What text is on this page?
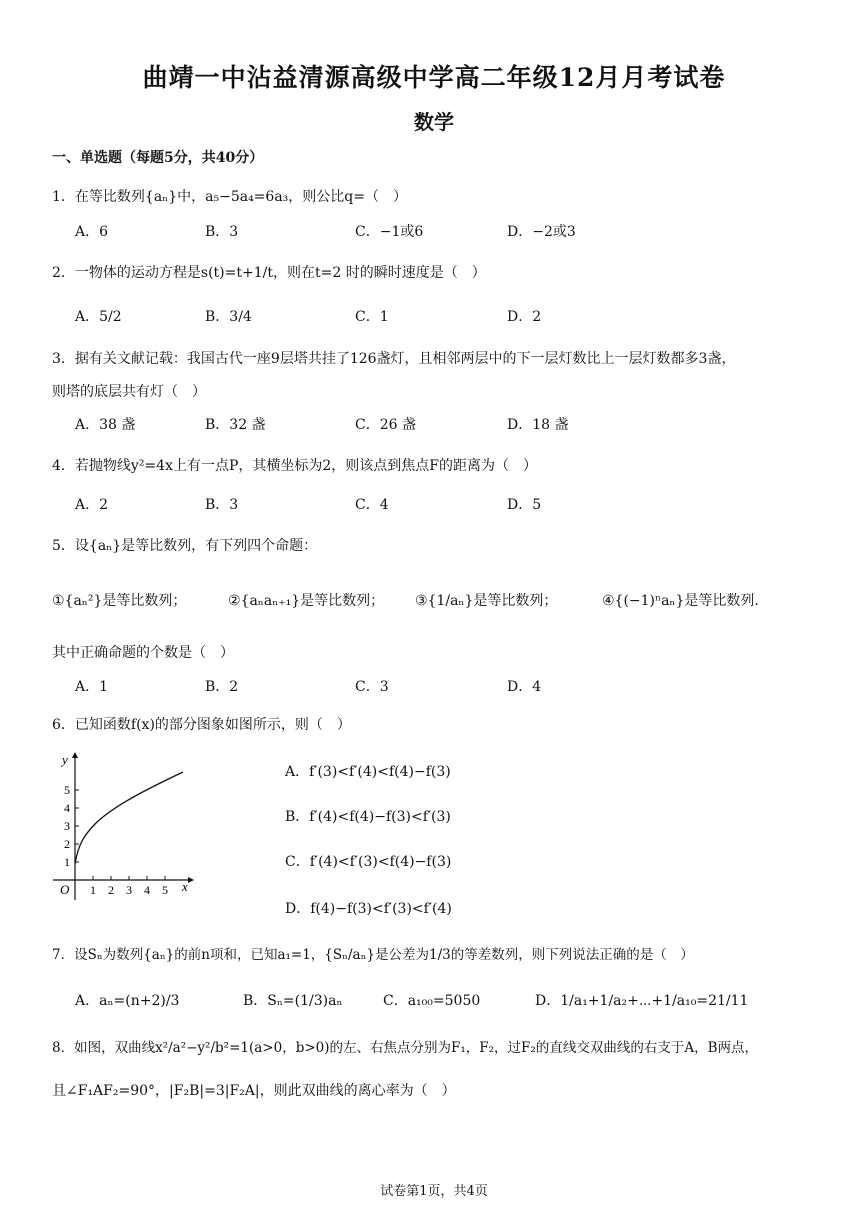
曲靖一中沾益清源高级中学高二年级12月月考试卷
数学
一、单选题（每题5分，共40分）
1．在等比数列{aₙ}中，a₅−5a₄=6a₃，则公比q=（　）
A．6	B．3	C．−1或6	D．−2或3
2．一物体的运动方程是s(t)=t+1/t，则在t=2 时的瞬时速度是（　）
A．5/2	B．3/4	C．1	D．2
3．据有关文献记载：我国古代一座9层塔共挂了126盏灯，且相邻两层中的下一层灯数比上一层灯数都多3盏，
则塔的底层共有灯（　）
A．38 盏	B．32 盏	C．26 盏	D．18 盏
4．若抛物线y²=4x上有一点P，其横坐标为2，则该点到焦点F的距离为（　）
A．2	B．3	C．4	D．5
5．设{aₙ}是等比数列，有下列四个命题：
①{aₙ²}是等比数列；	②{aₙaₙ₊₁}是等比数列； ③{1/aₙ}是等比数列；	④{(−1)ⁿaₙ}是等比数列.
其中正确命题的个数是（　）
A．1	B．2	C．3	D．4
6．已知函数f(x)的部分图象如图所示，则（　）
y
x
O
1
2
3
4
5
1 2 3 4 5
A．f′(3)<f′(4)<f(4)−f(3)
B．f′(4)<f(4)−f(3)<f′(3)
C．f′(4)<f′(3)<f(4)−f(3)
D．f(4)−f(3)<f′(3)<f′(4)
7．设Sₙ为数列{aₙ}的前n项和，已知a₁=1，{Sₙ/aₙ}是公差为1/3的等差数列，则下列说法正确的是（　）
A．aₙ=(n+2)/3	B．Sₙ=(1/3)aₙ	C．a₁₀₀=5050	D．1/a₁+1/a₂+⋯+1/a₁₀=21/11
8．如图，双曲线x²/a²−y²/b²=1(a>0，b>0)的左、右焦点分别为F₁，F₂，过F₂的直线交双曲线的右支于A，B两点，
且∠F₁AF₂=90°，|F₂B|=3|F₂A|，则此双曲线的离心率为（　）
试卷第1页，共4页
